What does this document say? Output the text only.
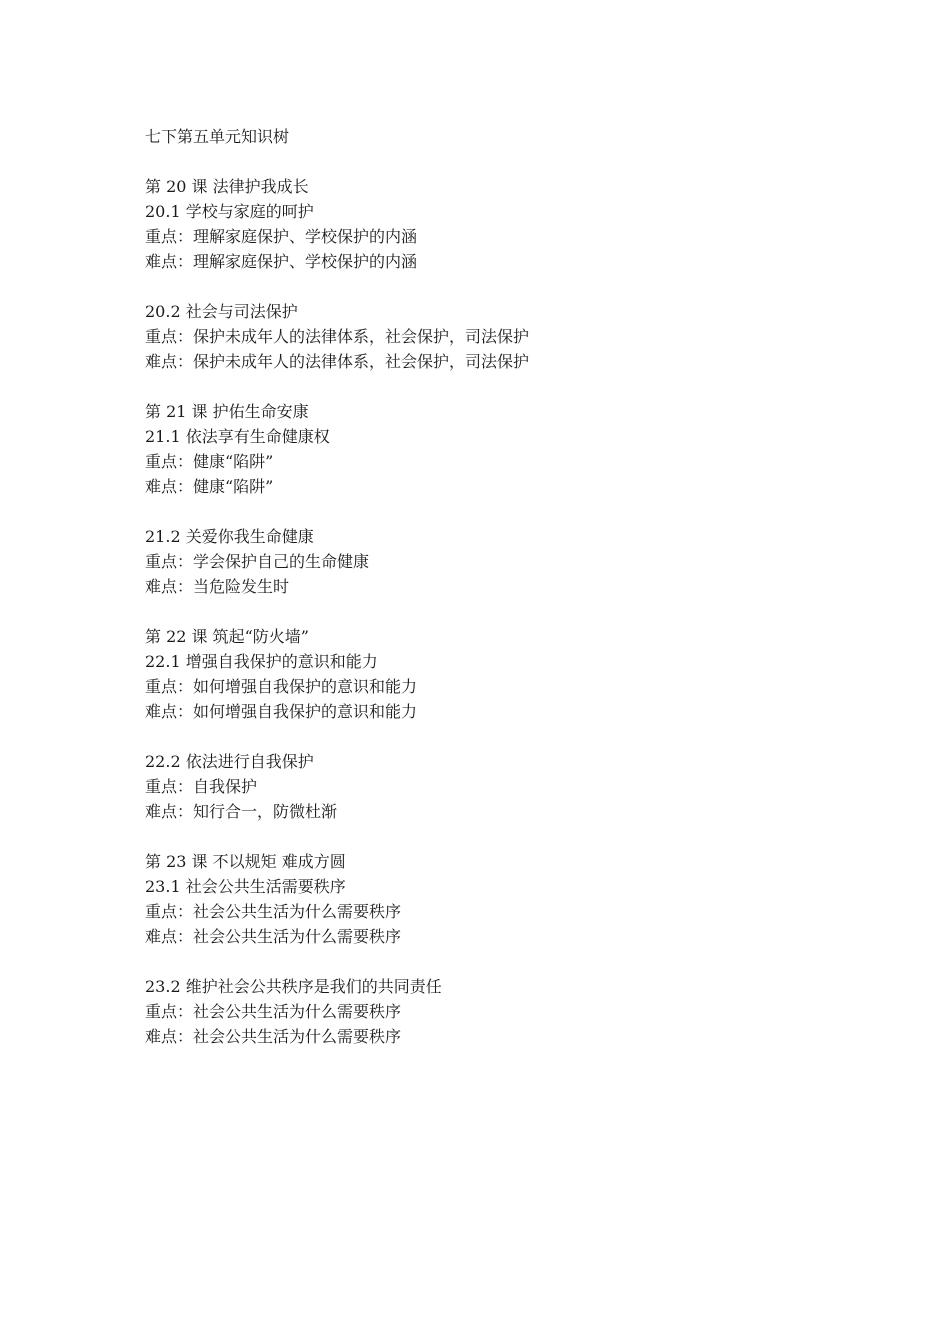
七下第五单元知识树
第 20 课 法律护我成长
20.1 学校与家庭的呵护
重点：理解家庭保护、学校保护的内涵
难点：理解家庭保护、学校保护的内涵
20.2 社会与司法保护
重点：保护未成年人的法律体系，社会保护，司法保护
难点：保护未成年人的法律体系，社会保护，司法保护
第 21 课 护佑生命安康
21.1 依法享有生命健康权
重点：健康“陷阱”
难点：健康“陷阱”
21.2 关爱你我生命健康
重点：学会保护自己的生命健康
难点：当危险发生时
第 22 课 筑起“防火墙”
22.1 增强自我保护的意识和能力
重点：如何增强自我保护的意识和能力
难点：如何增强自我保护的意识和能力
22.2 依法进行自我保护
重点：自我保护
难点：知行合一，防微杜渐
第 23 课 不以规矩 难成方圆
23.1 社会公共生活需要秩序
重点：社会公共生活为什么需要秩序
难点：社会公共生活为什么需要秩序
23.2 维护社会公共秩序是我们的共同责任
重点：社会公共生活为什么需要秩序
难点：社会公共生活为什么需要秩序
